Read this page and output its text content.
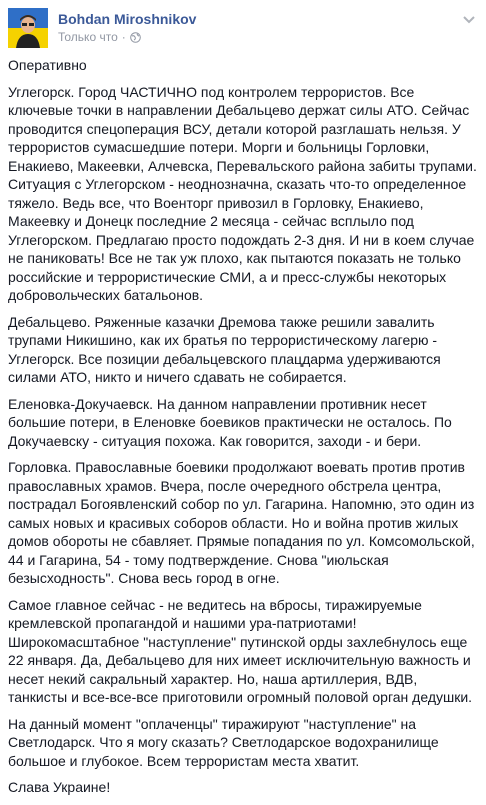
Bohdan Miroshnikov
Только что ·

Оперативно

Углегорск. Город ЧАСТИЧНО под контролем террористов. Все ключевые точки в направлении Дебальцево держат силы АТО. Сейчас проводится спецоперация ВСУ, детали которой разглашать нельзя. У террористов сумасшедшие потери. Морги и больницы Горловки, Енакиево, Макеевки, Алчевска, Перевальского района забиты трупами. Ситуация с Углегорском - неоднозначна, сказать что-то определенное тяжело. Ведь все, что Военторг привозил в Горловку, Енакиево, Макеевку и Донецк последние 2 месяца - сейчас всплыло под Углегорском. Предлагаю просто подождать 2-3 дня. И ни в коем случае не паниковать! Все не так уж плохо, как пытаются показать не только российские и террористические СМИ, а и пресс-службы некоторых добровольческих батальонов.

Дебальцево. Ряженные казачки Дремова также решили завалить трупами Никишино, как их братья по террористическому лагерю - Углегорск. Все позиции дебальцевского плацдарма удерживаются силами АТО, никто и ничего сдавать не собирается.

Еленовка-Докучаевск. На данном направлении противник несет большие потери, в Еленовке боевиков практически не осталось. По Докучаевску - ситуация похожа. Как говорится, заходи - и бери.

Горловка. Православные боевики продолжают воевать против против православных храмов. Вчера, после очередного обстрела центра, пострадал Богоявленский собор по ул. Гагарина. Напомню, это один из самых новых и красивых соборов области. Но и война против жилых домов обороты не сбавляет. Прямые попадания по ул. Комсомольской, 44 и Гагарина, 54 - тому подтверждение. Снова "июльская безысходность". Снова весь город в огне.

Самое главное сейчас - не ведитесь на вбросы, тиражируемые кремлевской пропагандой и нашими ура-патриотами! Широкомасштабное "наступление" путинской орды захлебнулось еще 22 января. Да, Дебальцево для них имеет исключительную важность и несет некий сакральный характер. Но, наша артиллерия, ВДВ, танкисты и все-все-все приготовили огромный половой орган дедушки.

На данный момент "оплаченцы" тиражируют "наступление" на Светлодарск. Что я могу сказать? Светлодарское водохранилище большое и глубокое. Всем террористам места хватит.

Слава Украине!
